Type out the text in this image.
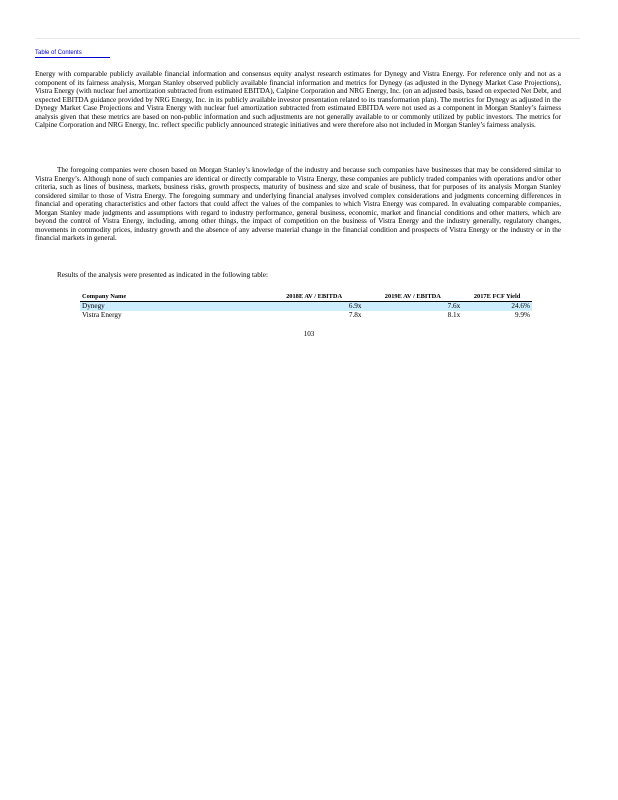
Table of Contents

Energy with comparable publicly available financial information and consensus equity analyst research estimates for Dynegy and Vistra Energy. For reference only and not as a component of its fairness analysis, Morgan Stanley observed publicly available financial information and metrics for Dynegy (as adjusted in the Dynegy Market Case Projections), Vistra Energy (with nuclear fuel amortization subtracted from estimated EBITDA), Calpine Corporation and NRG Energy, Inc. (on an adjusted basis, based on expected Net Debt, and expected EBITDA guidance provided by NRG Energy, Inc. in its publicly available investor presentation related to its transformation plan). The metrics for Dynegy as adjusted in the Dynegy Market Case Projections and Vistra Energy with nuclear fuel amortization subtracted from estimated EBITDA were not used as a component in Morgan Stanley’s fairness analysis given that these metrics are based on non-public information and such adjustments are not generally available to or commonly utilized by public investors. The metrics for Calpine Corporation and NRG Energy, Inc. reflect specific publicly announced strategic initiatives and were therefore also not included in Morgan Stanley’s fairness analysis.

The foregoing companies were chosen based on Morgan Stanley’s knowledge of the industry and because such companies have businesses that may be considered similar to Vistra Energy’s. Although none of such companies are identical or directly comparable to Vistra Energy, these companies are publicly traded companies with operations and/or other criteria, such as lines of business, markets, business risks, growth prospects, maturity of business and size and scale of business, that for purposes of its analysis Morgan Stanley considered similar to those of Vistra Energy. The foregoing summary and underlying financial analyses involved complex considerations and judgments concerning differences in financial and operating characteristics and other factors that could affect the values of the companies to which Vistra Energy was compared. In evaluating comparable companies, Morgan Stanley made judgments and assumptions with regard to industry performance, general business, economic, market and financial conditions and other matters, which are beyond the control of Vistra Energy, including, among other things, the impact of competition on the business of Vistra Energy and the industry generally, regulatory changes, movements in commodity prices, industry growth and the absence of any adverse material change in the financial condition and prospects of Vistra Energy or the industry or in the financial markets in general.

Results of the analysis were presented as indicated in the following table:

Company Name	2018E AV / EBITDA	2019E AV / EBITDA	2017E FCF Yield
Dynegy	6.9x	7.6x	24.6%
Vistra Energy	7.8x	8.1x	9.9%
103
